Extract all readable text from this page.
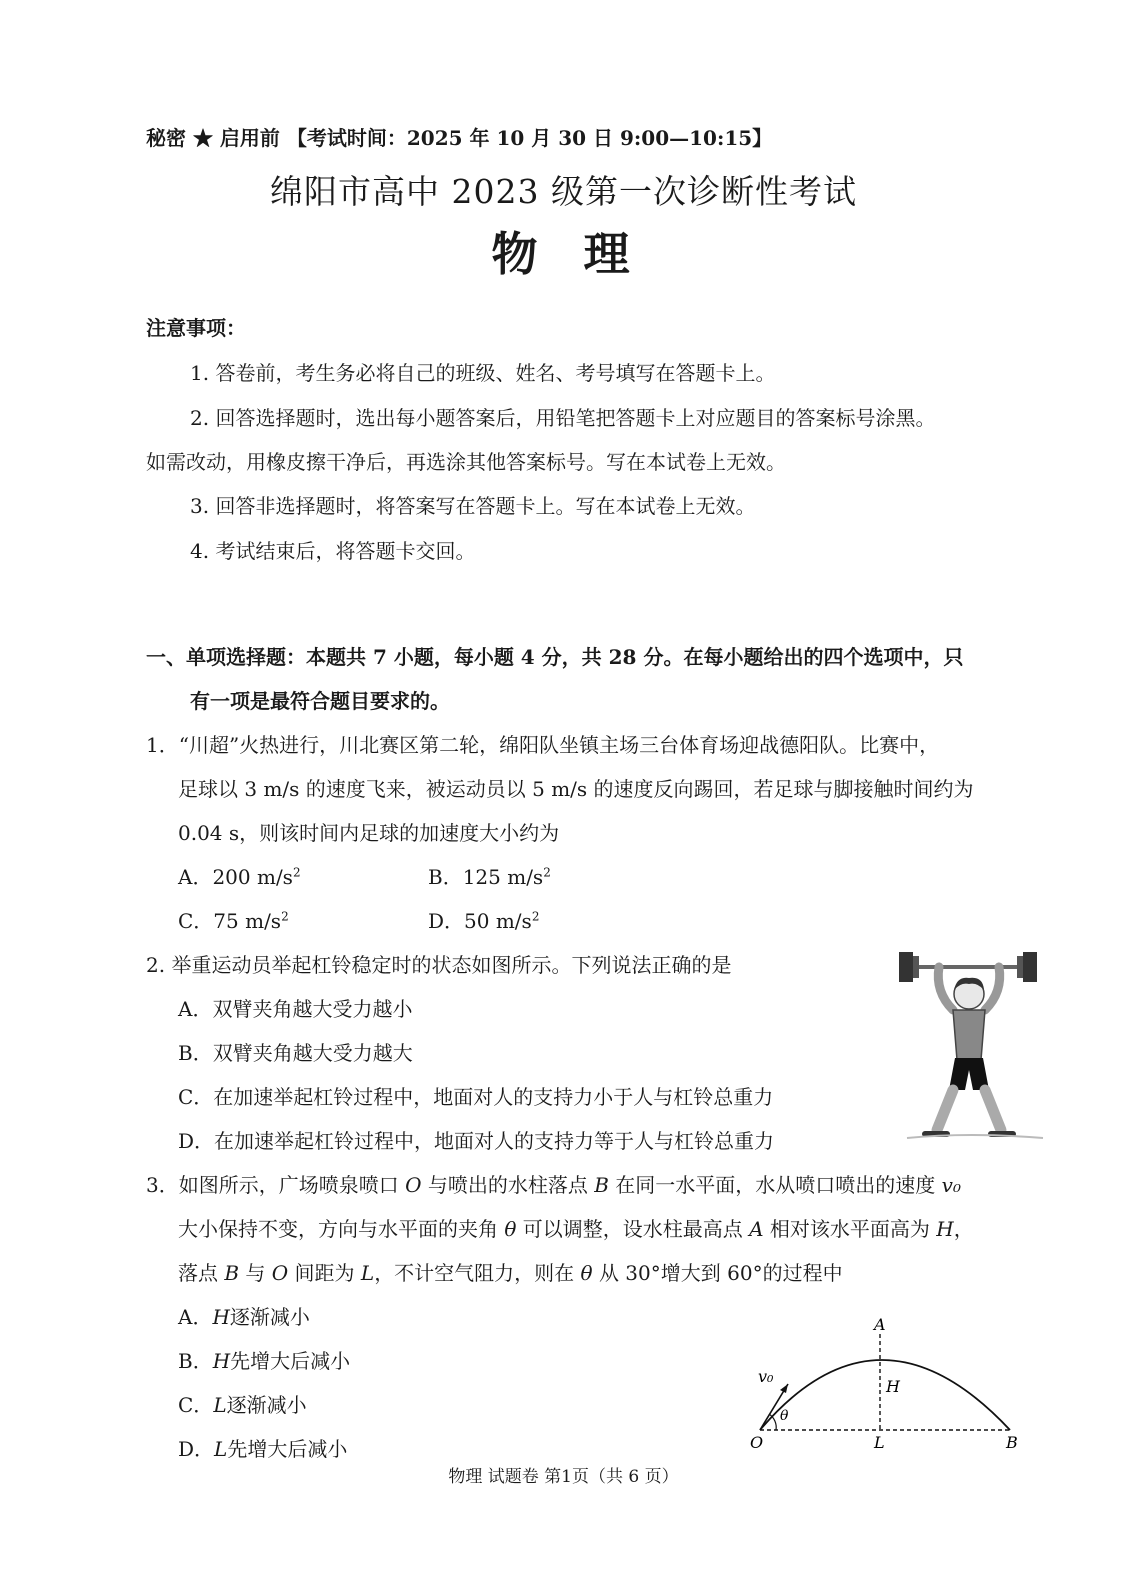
秘密 ★ 启用前 【考试时间：2025 年 10 月 30 日 9:00—10:15】
绵阳市高中 2023 级第一次诊断性考试
物理
注意事项：
1. 答卷前，考生务必将自己的班级、姓名、考号填写在答题卡上。
2. 回答选择题时，选出每小题答案后，用铅笔把答题卡上对应题目的答案标号涂黑。
如需改动，用橡皮擦干净后，再选涂其他答案标号。写在本试卷上无效。
3. 回答非选择题时，将答案写在答题卡上。写在本试卷上无效。
4. 考试结束后，将答题卡交回。
一、单项选择题：本题共 7 小题，每小题 4 分，共 28 分。在每小题给出的四个选项中，只
有一项是最符合题目要求的。
1．“川超”火热进行，川北赛区第二轮，绵阳队坐镇主场三台体育场迎战德阳队。比赛中，
足球以 3 m/s 的速度飞来，被运动员以 5 m/s 的速度反向踢回，若足球与脚接触时间约为
0.04 s，则该时间内足球的加速度大小约为
A．200 $m/s^2$	B．125 $m/s^2$
C．75 $m/s^2$	D．50 $m/s^2$
2. 举重运动员举起杠铃稳定时的状态如图所示。下列说法正确的是
A．双臂夹角越大受力越小
B．双臂夹角越大受力越大
C．在加速举起杠铃过程中，地面对人的支持力小于人与杠铃总重力
D．在加速举起杠铃过程中，地面对人的支持力等于人与杠铃总重力
3．如图所示，广场喷泉喷口 O 与喷出的水柱落点 B 在同一水平面，水从喷口喷出的速度 v₀
大小保持不变，方向与水平面的夹角 θ 可以调整，设水柱最高点 A 相对该水平面高为 H，
落点 B 与 O 间距为 L，不计空气阻力，则在 θ 从 30°增大到 60°的过程中
A．H逐渐减小
B．H先增大后减小
C．L逐渐减小
D．L先增大后减小
A
H
v₀
θ
O	L	B
物理 试题卷 第1页（共 6 页）
